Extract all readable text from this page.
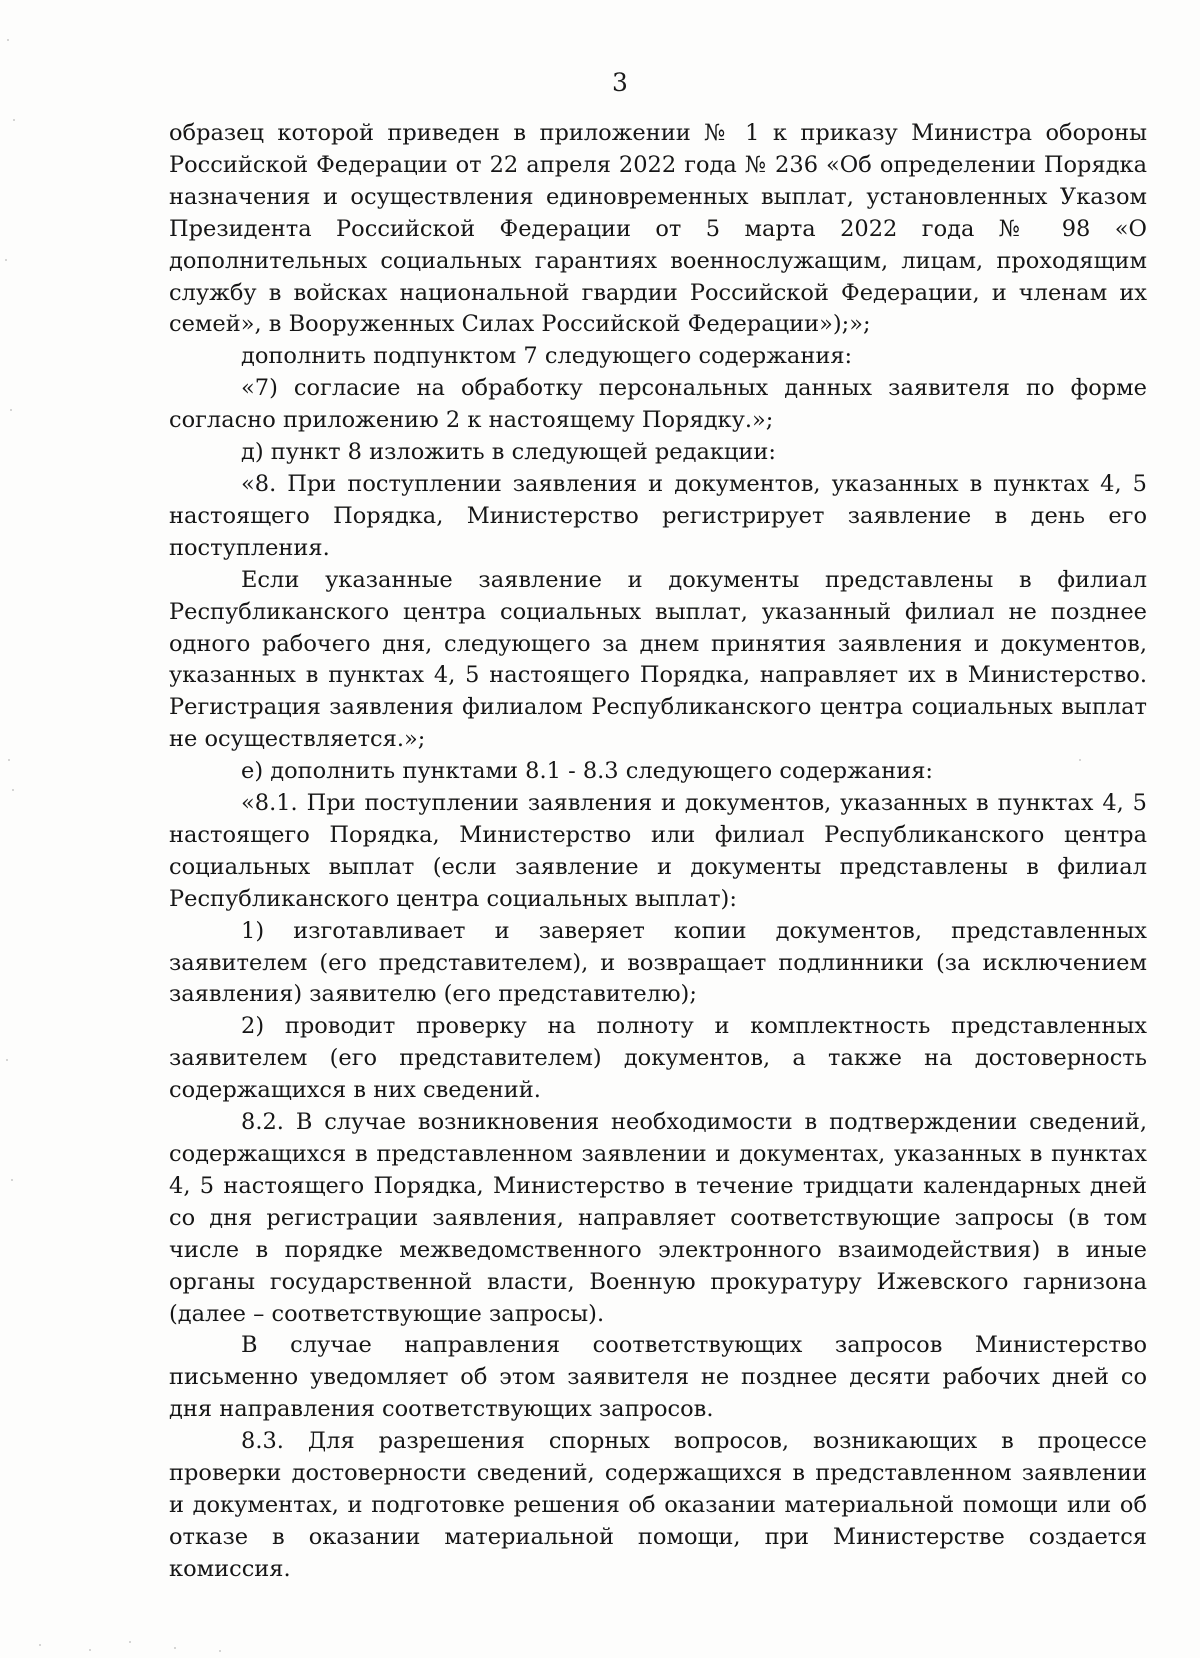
3

образец которой приведен в приложении № 1 к приказу Министра обороны Российской Федерации от 22 апреля 2022 года № 236 «Об определении Порядка назначения и осуществления единовременных выплат, установленных Указом Президента Российской Федерации от 5 марта 2022 года № 98 «О дополнительных социальных гарантиях военнослужащим, лицам, проходящим службу в войсках национальной гвардии Российской Федерации, и членам их семей», в Вооруженных Силах Российской Федерации»);»;

дополнить подпунктом 7 следующего содержания:

«7) согласие на обработку персональных данных заявителя по форме согласно приложению 2 к настоящему Порядку.»;

д) пункт 8 изложить в следующей редакции:

«8. При поступлении заявления и документов, указанных в пунктах 4, 5 настоящего Порядка, Министерство регистрирует заявление в день его поступления.

Если указанные заявление и документы представлены в филиал Республиканского центра социальных выплат, указанный филиал не позднее одного рабочего дня, следующего за днем принятия заявления и документов, указанных в пунктах 4, 5 настоящего Порядка, направляет их в Министерство. Регистрация заявления филиалом Республиканского центра социальных выплат не осуществляется.»;

е) дополнить пунктами 8.1 - 8.3 следующего содержания:

«8.1. При поступлении заявления и документов, указанных в пунктах 4, 5 настоящего Порядка, Министерство или филиал Республиканского центра социальных выплат (если заявление и документы представлены в филиал Республиканского центра социальных выплат):

1) изготавливает и заверяет копии документов, представленных заявителем (его представителем), и возвращает подлинники (за исключением заявления) заявителю (его представителю);

2) проводит проверку на полноту и комплектность представленных заявителем (его представителем) документов, а также на достоверность содержащихся в них сведений.

8.2. В случае возникновения необходимости в подтверждении сведений, содержащихся в представленном заявлении и документах, указанных в пунктах 4, 5 настоящего Порядка, Министерство в течение тридцати календарных дней со дня регистрации заявления, направляет соответствующие запросы (в том числе в порядке межведомственного электронного взаимодействия) в иные органы государственной власти, Военную прокуратуру Ижевского гарнизона (далее – соответствующие запросы).

В случае направления соответствующих запросов Министерство письменно уведомляет об этом заявителя не позднее десяти рабочих дней со дня направления соответствующих запросов.

8.3. Для разрешения спорных вопросов, возникающих в процессе проверки достоверности сведений, содержащихся в представленном заявлении и документах, и подготовке решения об оказании материальной помощи или об отказе в оказании материальной помощи, при Министерстве создается комиссия.
